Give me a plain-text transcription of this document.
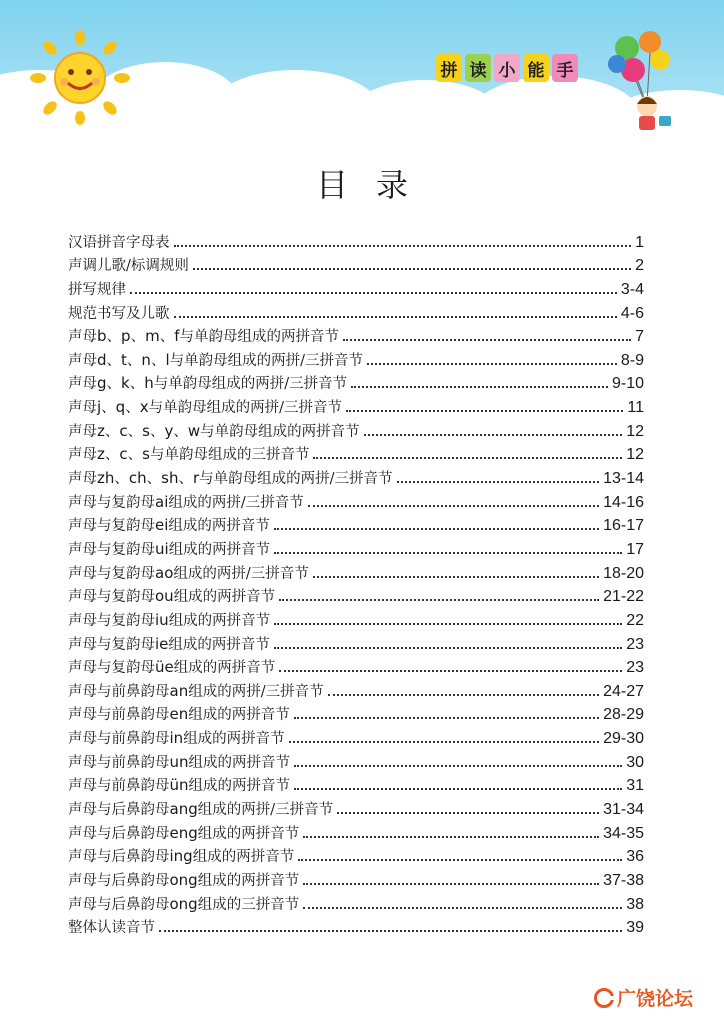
拼 读 小 能 手
目录
汉语拼音字母表	1
声调儿歌/标调规则	2
拼写规律	3-4
规范书写及儿歌	4-6
声母b、p、m、f与单韵母组成的两拼音节	7
声母d、t、n、l与单韵母组成的两拼/三拼音节	8-9
声母g、k、h与单韵母组成的两拼/三拼音节	9-10
声母j、q、x与单韵母组成的两拼/三拼音节	11
声母z、c、s、y、w与单韵母组成的两拼音节	12
声母z、c、s与单韵母组成的三拼音节	12
声母zh、ch、sh、r与单韵母组成的两拼/三拼音节	13-14
声母与复韵母ai组成的两拼/三拼音节	14-16
声母与复韵母ei组成的两拼音节	16-17
声母与复韵母ui组成的两拼音节	17
声母与复韵母ao组成的两拼/三拼音节	18-20
声母与复韵母ou组成的两拼音节	21-22
声母与复韵母iu组成的两拼音节	22
声母与复韵母ie组成的两拼音节	23
声母与复韵母üe组成的两拼音节	23
声母与前鼻韵母an组成的两拼/三拼音节	24-27
声母与前鼻韵母en组成的两拼音节	28-29
声母与前鼻韵母in组成的两拼音节	29-30
声母与前鼻韵母un组成的两拼音节	30
声母与前鼻韵母ün组成的两拼音节	31
声母与后鼻韵母ang组成的两拼/三拼音节	31-34
声母与后鼻韵母eng组成的两拼音节	34-35
声母与后鼻韵母ing组成的两拼音节	36
声母与后鼻韵母ong组成的两拼音节	37-38
声母与后鼻韵母ong组成的三拼音节	38
整体认读音节	39
广饶论坛
